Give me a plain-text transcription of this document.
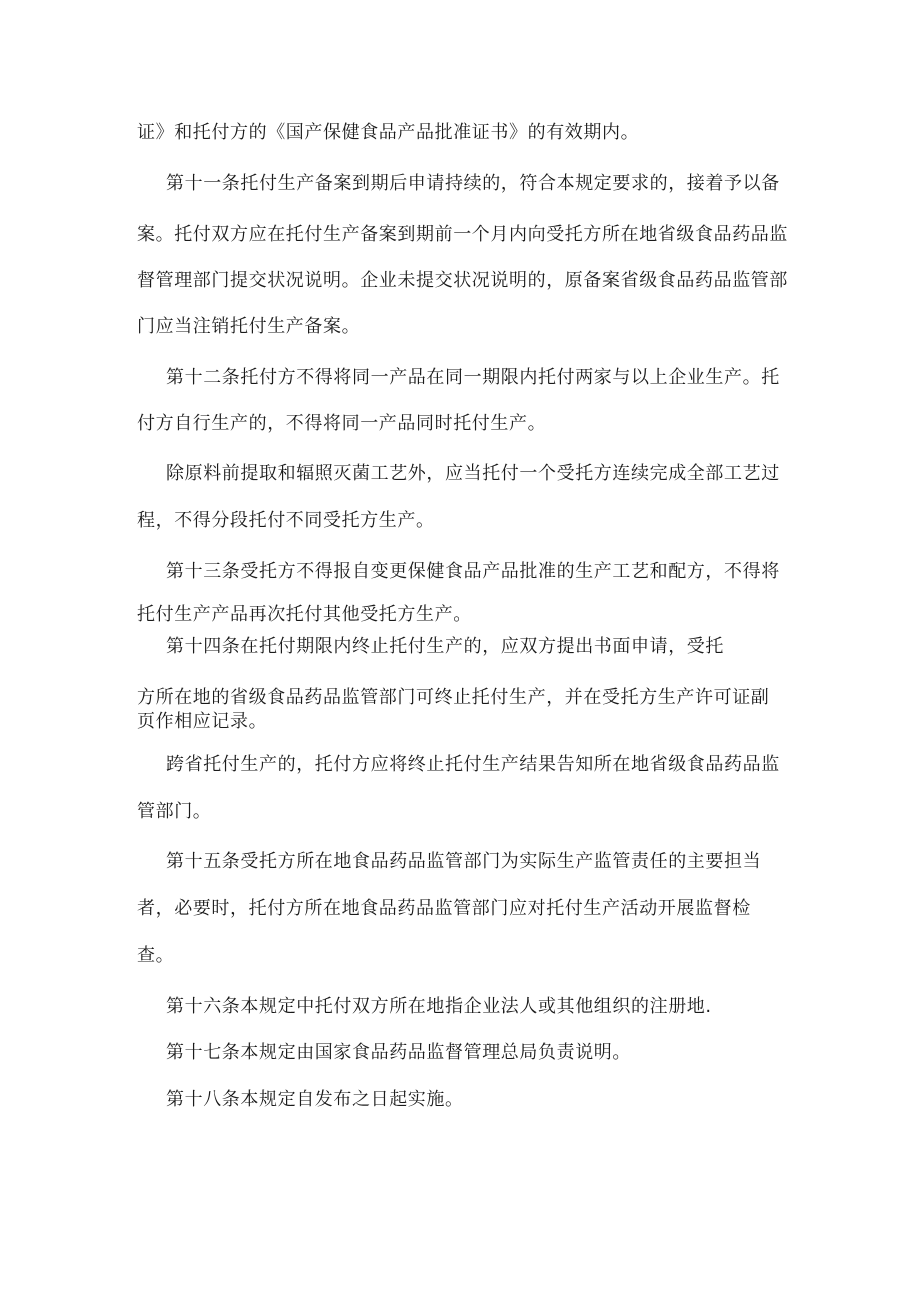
证》和托付方的《国产保健食品产品批准证书》的有效期内。
第十一条托付生产备案到期后申请持续的，符合本规定要求的，接着予以备
案。托付双方应在托付生产备案到期前一个月内向受托方所在地省级食品药品监
督管理部门提交状况说明。企业未提交状况说明的，原备案省级食品药品监管部
门应当注销托付生产备案。
第十二条托付方不得将同一产品在同一期限内托付两家与以上企业生产。托
付方自行生产的，不得将同一产品同时托付生产。
除原料前提取和辐照灭菌工艺外，应当托付一个受托方连续完成全部工艺过
程，不得分段托付不同受托方生产。
第十三条受托方不得报自变更保健食品产品批准的生产工艺和配方，不得将
托付生产产品再次托付其他受托方生产。
第十四条在托付期限内终止托付生产的，应双方提出书面申请，受托
方所在地的省级食品药品监管部门可终止托付生产，并在受托方生产许可证副
页作相应记录。
跨省托付生产的，托付方应将终止托付生产结果告知所在地省级食品药品监
管部门。
第十五条受托方所在地食品药品监管部门为实际生产监管责任的主要担当
者，必要时，托付方所在地食品药品监管部门应对托付生产活动开展监督检
查。
第十六条本规定中托付双方所在地指企业法人或其他组织的注册地.
第十七条本规定由国家食品药品监督管理总局负责说明。
第十八条本规定自发布之日起实施。
